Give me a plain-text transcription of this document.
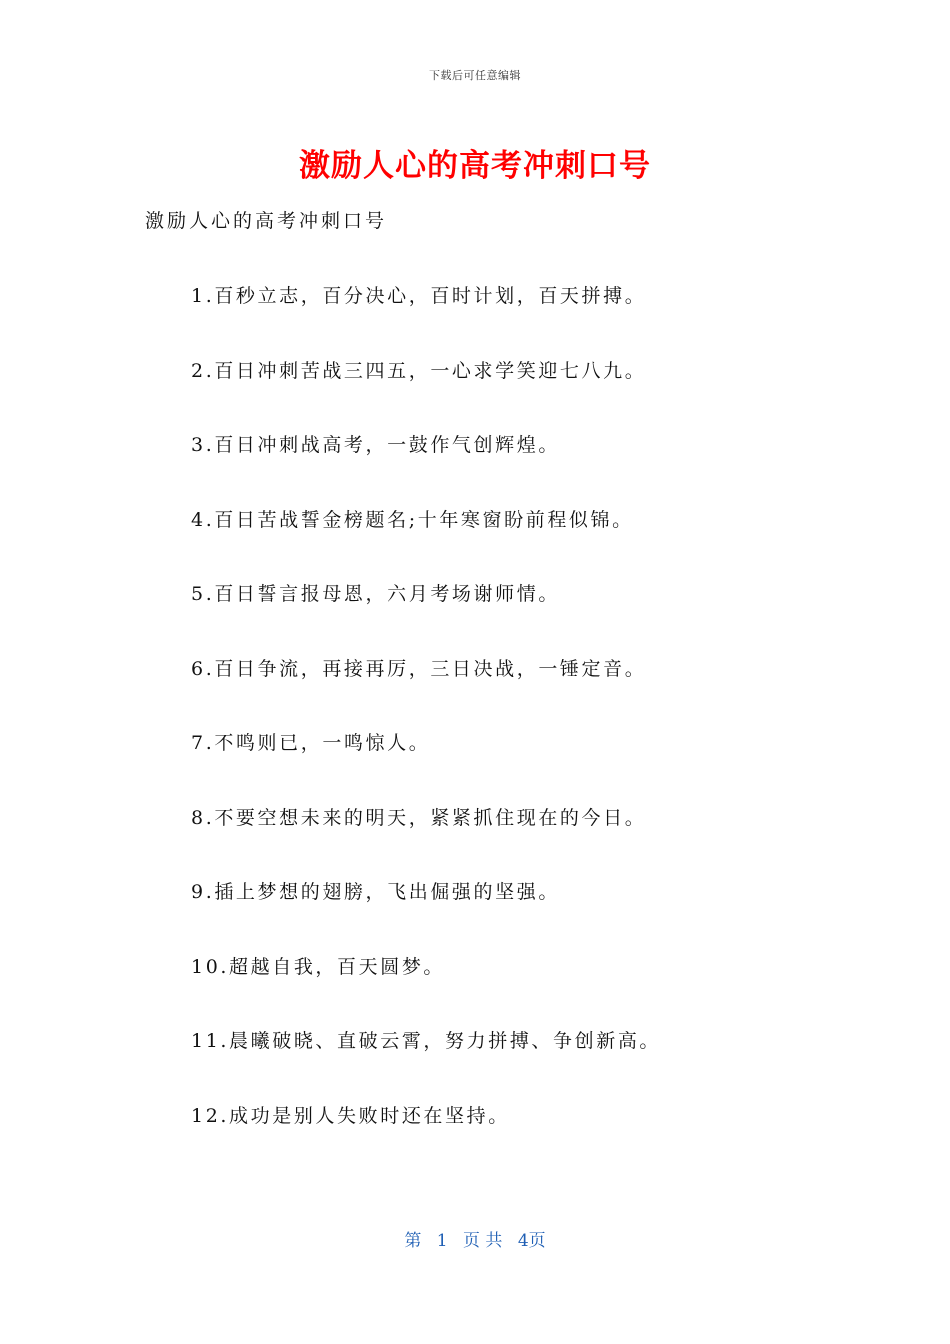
下载后可任意编辑
激励人心的高考冲刺口号
激励人心的高考冲刺口号
1.百秒立志，百分决心，百时计划，百天拼搏。
2.百日冲刺苦战三四五，一心求学笑迎七八九。
3.百日冲刺战高考，一鼓作气创辉煌。
4.百日苦战誓金榜题名;十年寒窗盼前程似锦。
5.百日誓言报母恩，六月考场谢师情。
6.百日争流，再接再厉，三日决战，一锤定音。
7.不鸣则已，一鸣惊人。
8.不要空想未来的明天，紧紧抓住现在的今日。
9.插上梦想的翅膀，飞出倔强的坚强。
10.超越自我，百天圆梦。
11.晨曦破晓、直破云霄，努力拼搏、争创新高。
12.成功是别人失败时还在坚持。
第 1 页 共 4页
